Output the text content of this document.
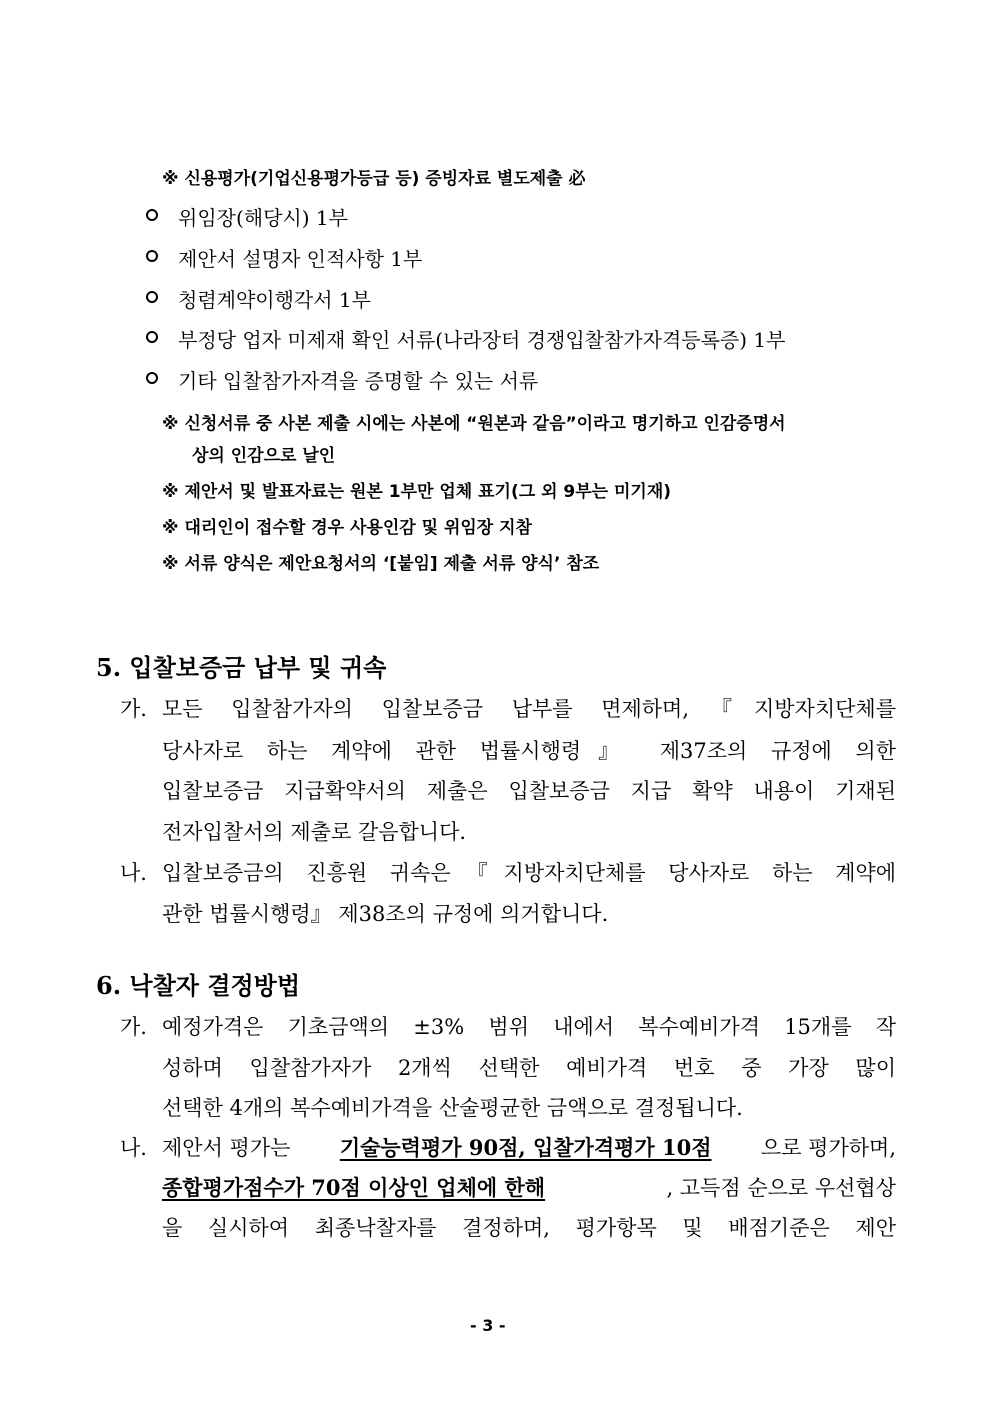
※ 신용평가(기업신용평가등급 등) 증빙자료 별도제출 必
위임장(해당시) 1부
제안서 설명자 인적사항 1부
청렴계약이행각서 1부
부정당 업자 미제재 확인 서류(나라장터 경쟁입찰참가자격등록증) 1부
기타 입찰참가자격을 증명할 수 있는 서류
※ 신청서류 중 사본 제출 시에는 사본에 “원본과 같음”이라고 명기하고 인감증명서
상의 인감으로 날인
※ 제안서 및 발표자료는 원본 1부만 업체 표기(그 외 9부는 미기재)
※ 대리인이 접수할 경우 사용인감 및 위임장 지참
※ 서류 양식은 제안요청서의 ‘[붙임] 제출 서류 양식’ 참조
5. 입찰보증금 납부 및 귀속
가. 모든 입찰참가자의 입찰보증금 납부를 면제하며,『지방자치단체를
당사자로 하는 계약에 관한 법률시행령』 제37조의 규정에 의한
입찰보증금 지급확약서의 제출은 입찰보증금 지급 확약 내용이 기재된
전자입찰서의 제출로 갈음합니다.
나. 입찰보증금의 진흥원 귀속은『지방자치단체를 당사자로 하는 계약에
관한 법률시행령』 제38조의 규정에 의거합니다.
6. 낙찰자 결정방법
가. 예정가격은 기초금액의 ±3% 범위 내에서 복수예비가격 15개를 작
성하며 입찰참가자가 2개씩 선택한 예비가격 번호 중 가장 많이
선택한 4개의 복수예비가격을 산술평균한 금액으로 결정됩니다.
나. 제안서 평가는 기술능력평가 90점, 입찰가격평가 10점 으로 평가하며,
종합평가점수가 70점 이상인 업체에 한해	, 고득점 순으로 우선협상
을 실시하여 최종낙찰자를 결정하며, 평가항목 및 배점기준은 제안
- 3 -
